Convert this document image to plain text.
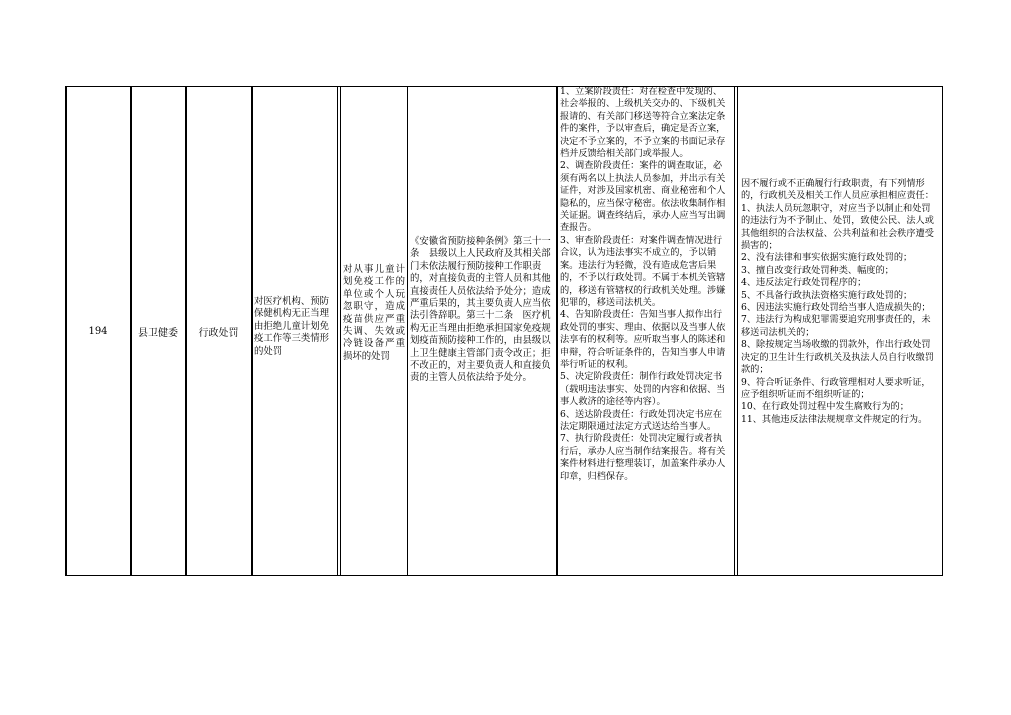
194	县卫健委 行政处罚
对医疗机构、预防保健机构无正当理由拒绝儿童计划免疫工作等三类情形的处罚
对从事儿童计划免疫工作的单位或个人玩忽职守，造成疫苗供应严重失调、失效或冷链设备严重损坏的处罚
《安徽省预防接种条例》第三十一条　县级以上人民政府及其相关部门未依法履行预防接种工作职责的，对直接负责的主管人员和其他直接责任人员依法给予处分；造成严重后果的，其主要负责人应当依法引咎辞职。第三十二条　医疗机构无正当理由拒绝承担国家免疫规划疫苗预防接种工作的，由县级以上卫生健康主管部门责令改正；拒不改正的，对主要负责人和直接负责的主管人员依法给予处分。

1、立案阶段责任：对在检查中发现的、社会举报的、上级机关交办的、下级机关报请的、有关部门移送等符合立案法定条件的案件，予以审查后，确定是否立案，决定不予立案的，不予立案的书面记录存档并反馈给相关部门或举报人。

2、调查阶段责任：案件的调查取证，必须有两名以上执法人员参加，并出示有关证件，对涉及国家机密、商业秘密和个人隐私的，应当保守秘密。依法收集制作相关证据。调查终结后，承办人应当写出调查报告。

3、审查阶段责任：对案件调查情况进行合议，认为违法事实不成立的，予以销案。违法行为轻微，没有造成危害后果的，不予以行政处罚。不属于本机关管辖的，移送有管辖权的行政机关处理。涉嫌犯罪的，移送司法机关。

4、告知阶段责任：告知当事人拟作出行政处罚的事实、理由、依据以及当事人依法享有的权利等。应听取当事人的陈述和申辩，符合听证条件的，告知当事人申请举行听证的权利。

5、决定阶段责任：制作行政处罚决定书（载明违法事实、处罚的内容和依据、当事人救济的途径等内容）。

6、送达阶段责任：行政处罚决定书应在法定期限通过法定方式送达给当事人。

7、执行阶段责任：处罚决定履行或者执行后，承办人应当制作结案报告。将有关案件材料进行整理装订，加盖案件承办人印章，归档保存。

因不履行或不正确履行行政职责，有下列情形的，行政机关及相关工作人员应承担相应责任：

1、执法人员玩忽职守，对应当予以制止和处罚的违法行为不予制止、处罚，致使公民、法人或其他组织的合法权益、公共利益和社会秩序遭受损害的；

2、没有法律和事实依据实施行政处罚的；

3、擅自改变行政处罚种类、幅度的；

4、违反法定行政处罚程序的；

5、不具备行政执法资格实施行政处罚的；

6、因违法实施行政处罚给当事人造成损失的；

7、违法行为构成犯罪需要追究刑事责任的，未移送司法机关的；

8、除按规定当场收缴的罚款外，作出行政处罚决定的卫生计生行政机关及执法人员自行收缴罚款的；

9、符合听证条件、行政管理相对人要求听证，应予组织听证而不组织听证的；

10、在行政处罚过程中发生腐败行为的；

11、其他违反法律法规规章文件规定的行为。
